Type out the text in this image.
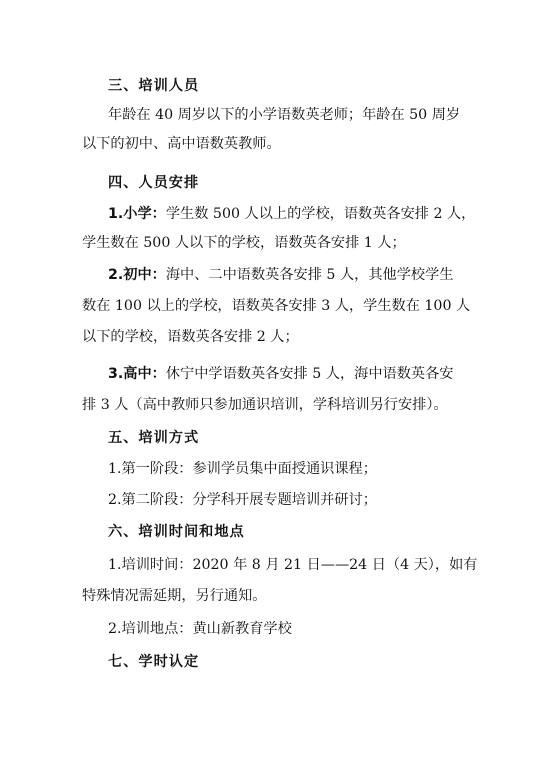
三、培训人员
年龄在 40 周岁以下的小学语数英老师；年龄在 50 周岁
以下的初中、高中语数英教师。
四、人员安排
1.小学：学生数 500 人以上的学校，语数英各安排 2 人，
学生数在 500 人以下的学校，语数英各安排 1 人；
2.初中：海中、二中语数英各安排 5 人，其他学校学生
数在 100 以上的学校，语数英各安排 3 人，学生数在 100 人
以下的学校，语数英各安排 2 人；
3.高中：休宁中学语数英各安排 5 人，海中语数英各安
排 3 人（高中教师只参加通识培训，学科培训另行安排）。
五、培训方式
1.第一阶段：参训学员集中面授通识课程；
2.第二阶段：分学科开展专题培训并研讨；
六、培训时间和地点
1.培训时间：2020 年 8 月 21 日——24 日（4 天），如有
特殊情况需延期，另行通知。
2.培训地点：黄山新教育学校
七、学时认定
